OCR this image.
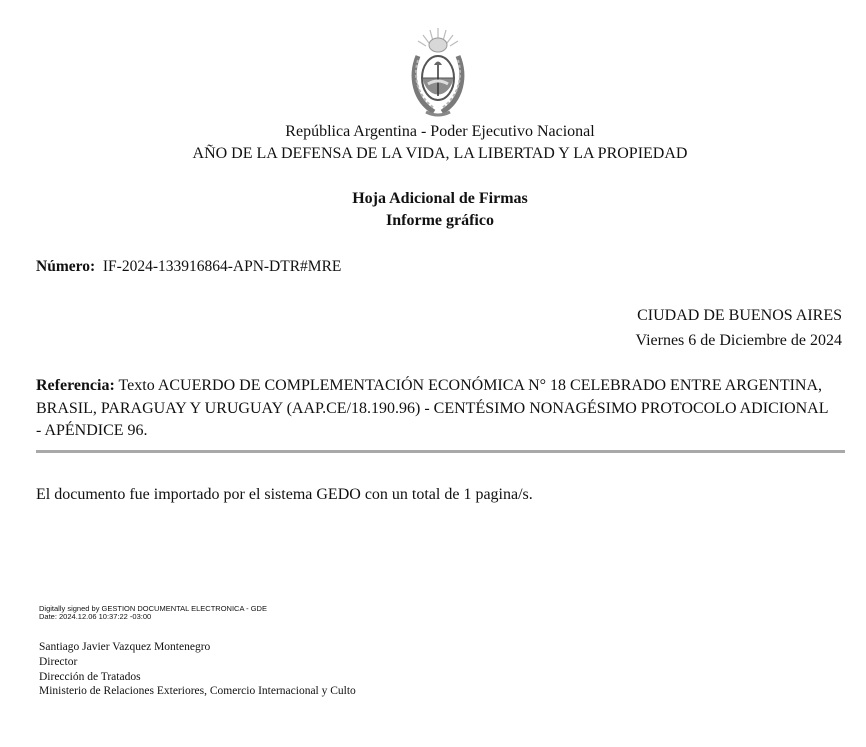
República Argentina - Poder Ejecutivo Nacional
AÑO DE LA DEFENSA DE LA VIDA, LA LIBERTAD Y LA PROPIEDAD
Hoja Adicional de Firmas
Informe gráfico
Número: IF-2024-133916864-APN-DTR#MRE
CIUDAD DE BUENOS AIRES
Viernes 6 de Diciembre de 2024
Referencia: Texto ACUERDO DE COMPLEMENTACIÓN ECONÓMICA N° 18 CELEBRADO ENTRE ARGENTINA, BRASIL, PARAGUAY Y URUGUAY (AAP.CE/18.190.96) - CENTÉSIMO NONAGÉSIMO PROTOCOLO ADICIONAL - APÉNDICE 96.
El documento fue importado por el sistema GEDO con un total de 1 pagina/s.
Digitally signed by GESTION DOCUMENTAL ELECTRONICA - GDE
Date: 2024.12.06 10:37:22 -03:00
Santiago Javier Vazquez Montenegro
Director
Dirección de Tratados
Ministerio de Relaciones Exteriores, Comercio Internacional y Culto
